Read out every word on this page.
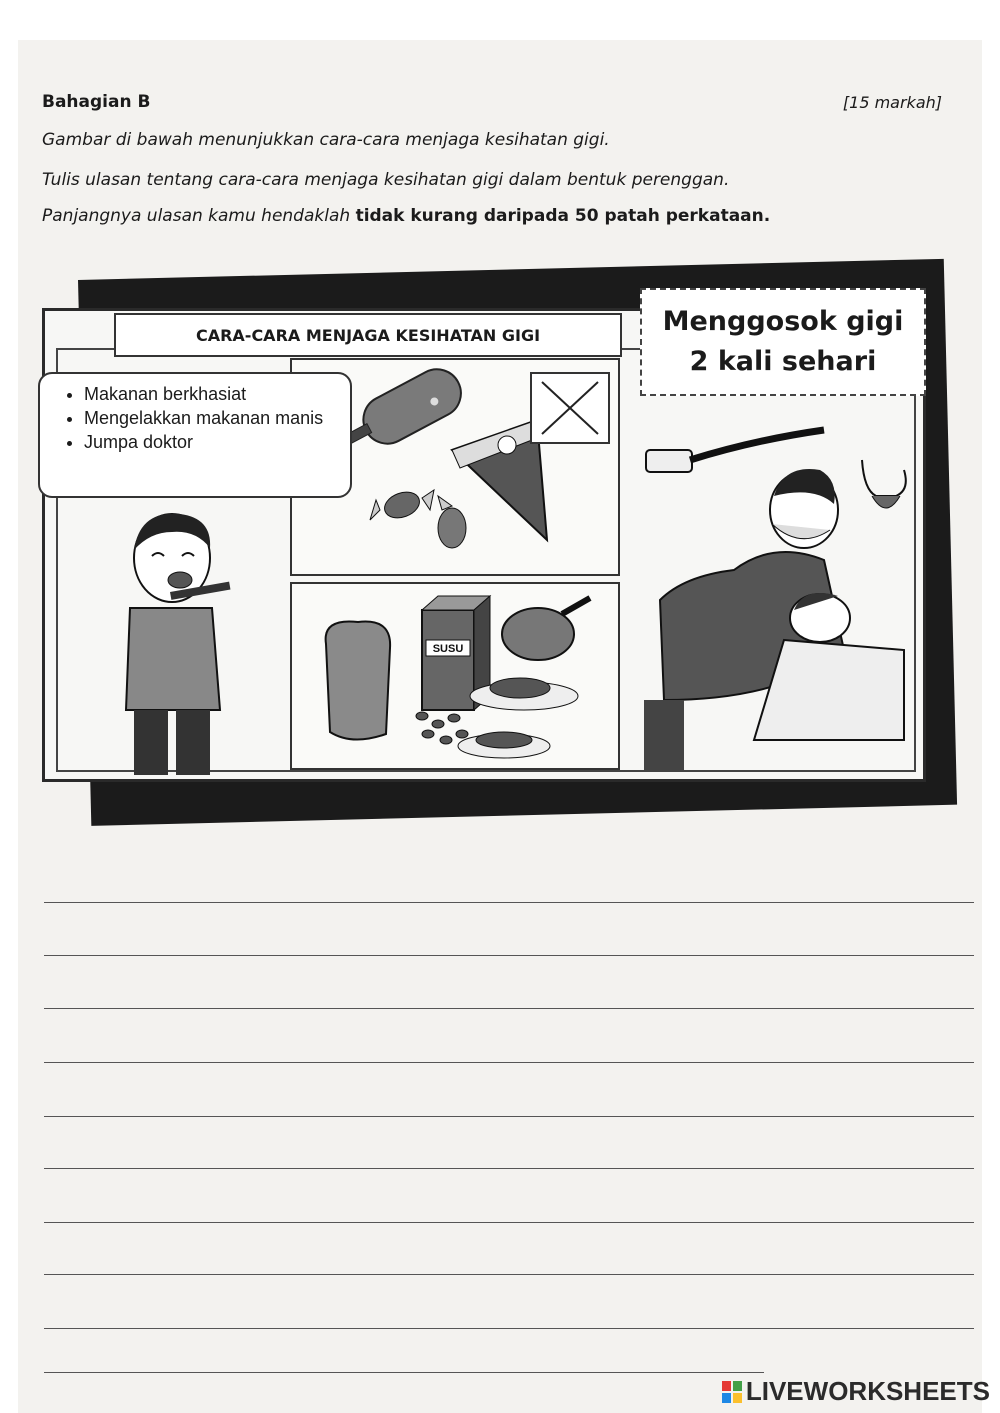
Bahagian B	[15 markah]
Gambar di bawah menunjukkan cara-cara menjaga kesihatan gigi.
Tulis ulasan tentang cara-cara menjaga kesihatan gigi dalam bentuk perenggan.
Panjangnya ulasan kamu hendaklah tidak kurang daripada 50 patah perkataan.
SUSU
CARA-CARA MENJAGA KESIHATAN GIGI	Menggosok gigi
2 kali sehari
• Makanan berkhasiat
• Mengelakkan makanan manis
• Jumpa doktor
LIVEWORKSHEETS
